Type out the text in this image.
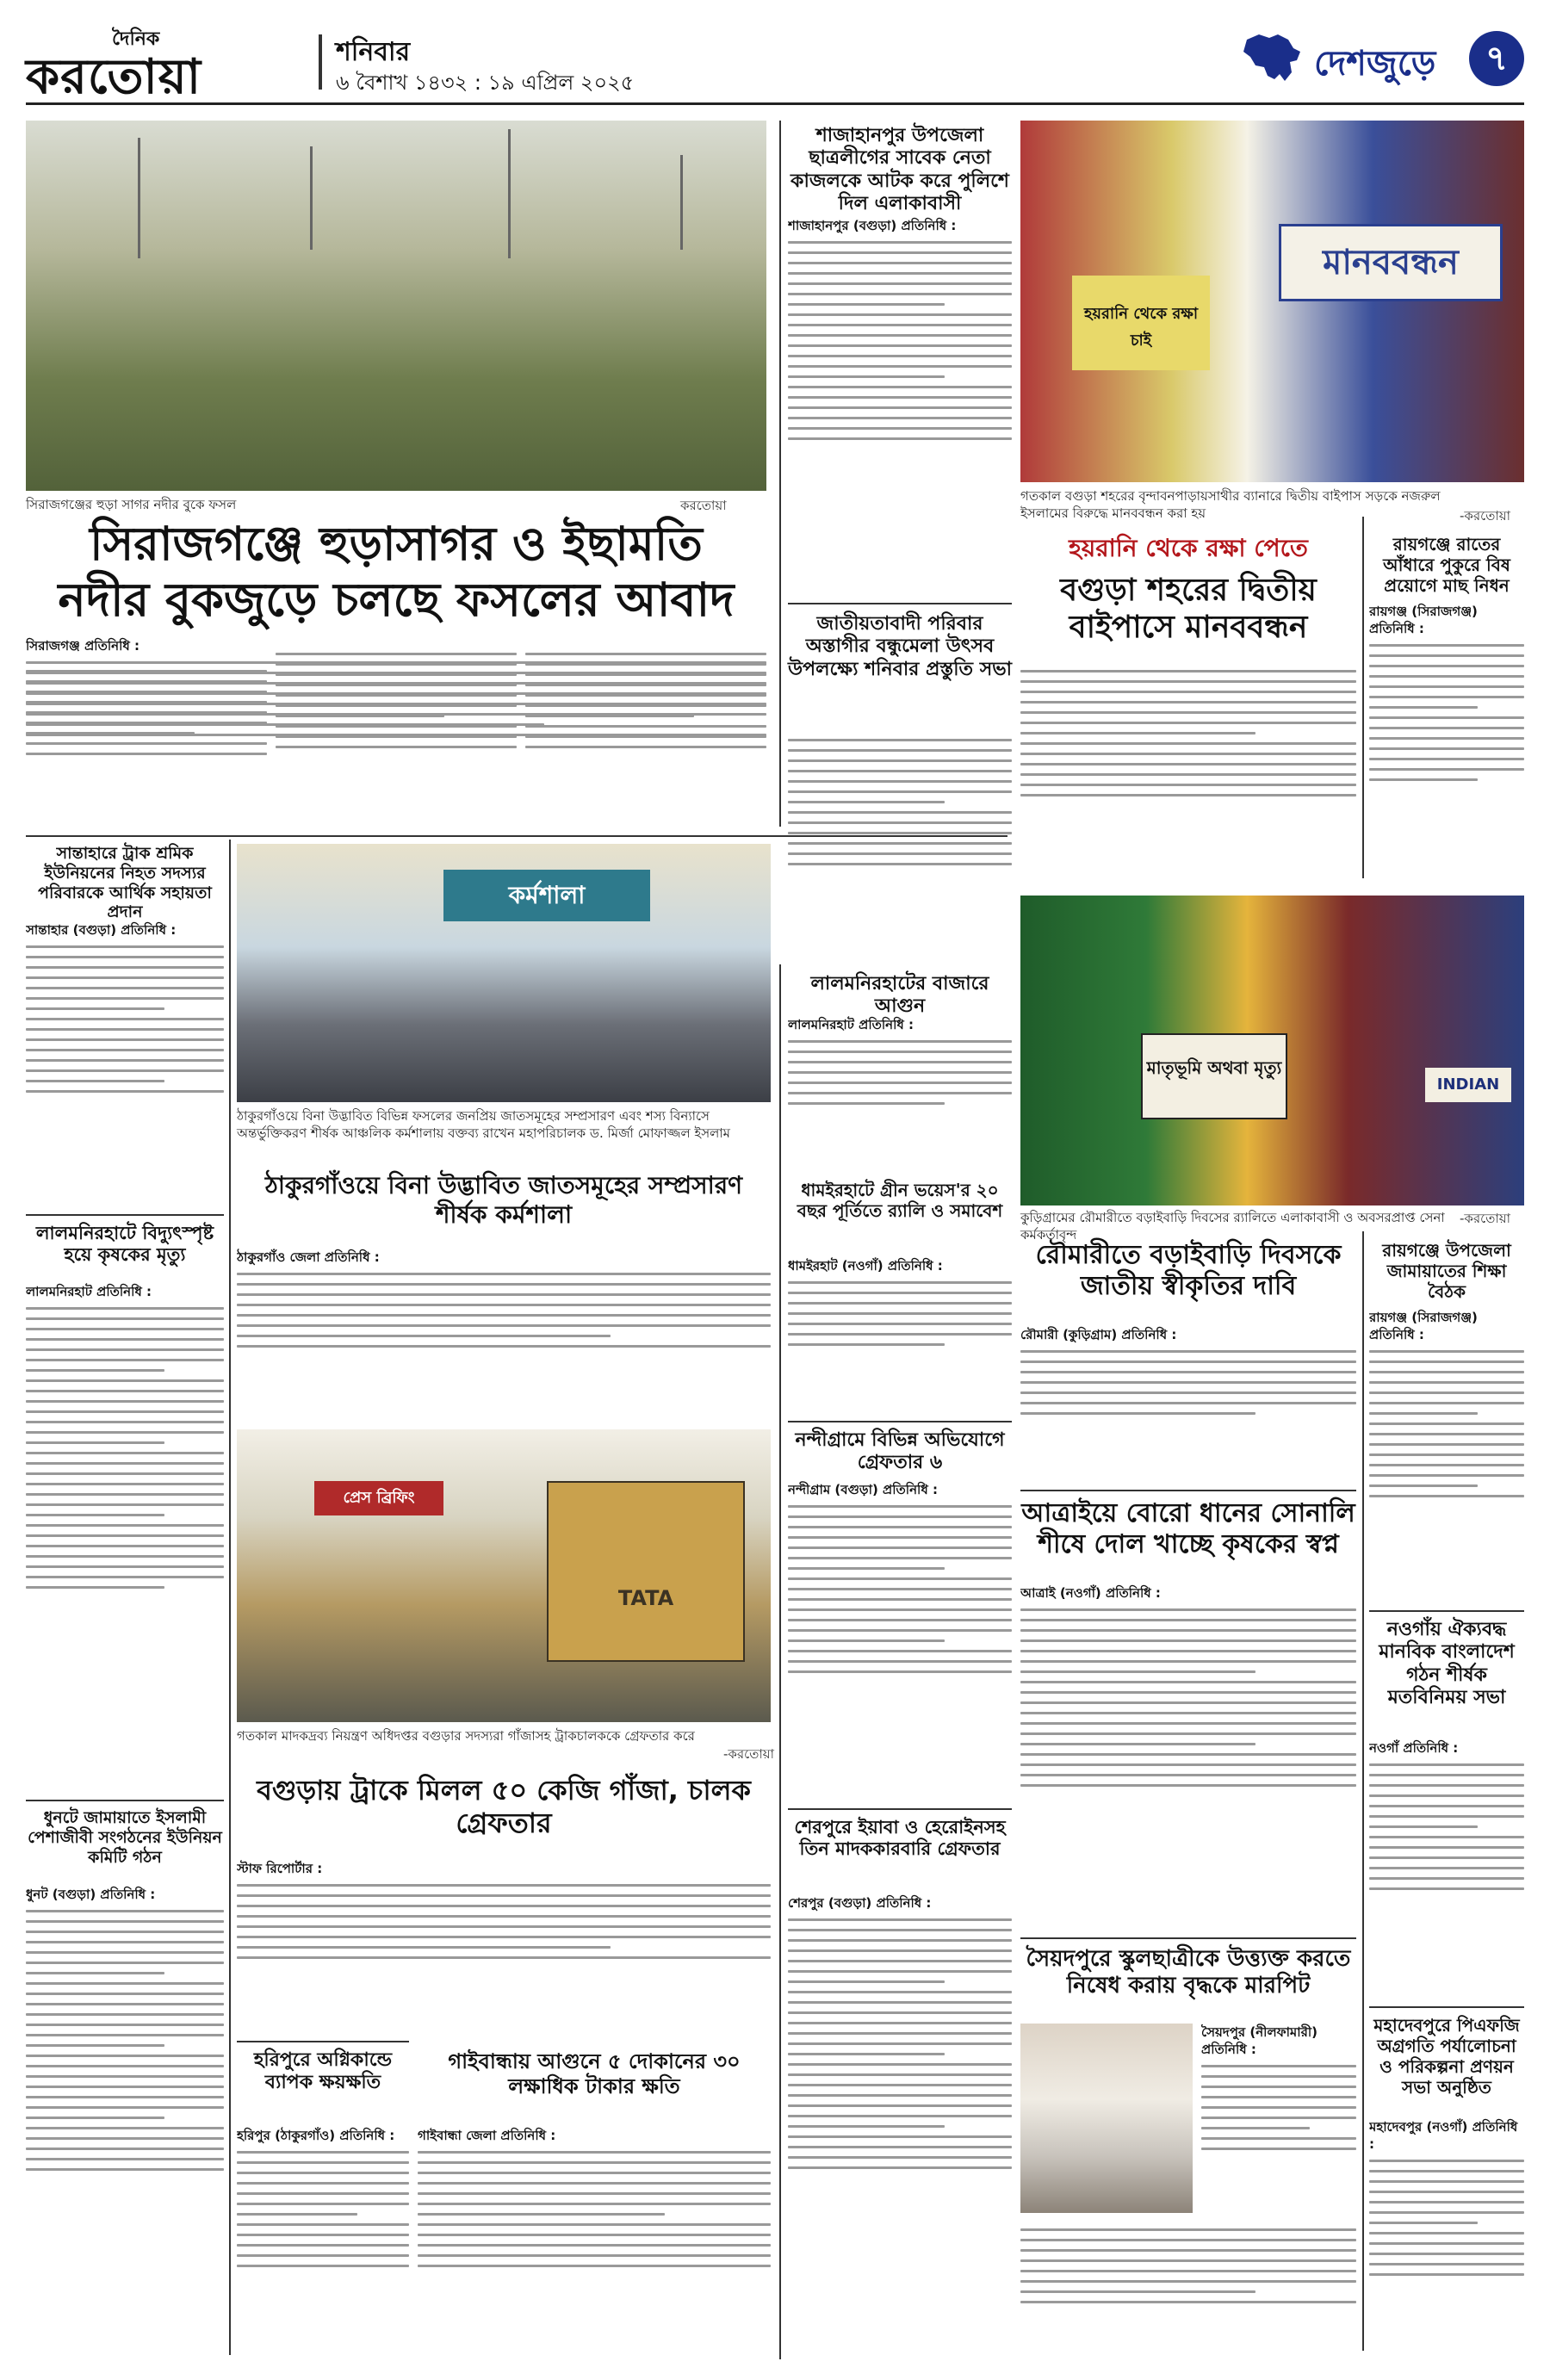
দৈনিক
করতোয়া	শনিবার
৬ বৈশাখ ১৪৩২ : ১৯ এপ্রিল ২০২৫	দেশজুড়ে	৭
সিরাজগঞ্জের হুড়া সাগর নদীর বুকে ফসল	করতোয়া
সিরাজগঞ্জে হুড়াসাগর ও ইছামতি নদীর বুকজুড়ে চলছে ফসলের আবাদ
সিরাজগঞ্জ প্রতিনিধি :
শাজাহানপুর উপজেলা ছাত্রলীগের সাবেক নেতা কাজলকে আটক করে পুলিশে দিল এলাকাবাসী
শাজাহানপুর (বগুড়া) প্রতিনিধি :
জাতীয়তাবাদী পরিবার অস্তাগীর বন্ধুমেলা উৎসব উপলক্ষ্যে শনিবার প্রস্তুতি সভা
মানববন্ধন
হয়রানি থেকে রক্ষা চাই
গতকাল বগুড়া শহরের বৃন্দাবনপাড়ায়সাথীর ব্যানারে দ্বিতীয় বাইপাস সড়কে নজরুল ইসলামের বিরুদ্ধে মানববন্ধন করা হয়	-করতোয়া
হয়রানি থেকে রক্ষা পেতে
বগুড়া শহরের দ্বিতীয় বাইপাসে মানববন্ধন
রায়গঞ্জে রাতের আঁধারে পুকুরে বিষ প্রয়োগে মাছ নিধন
রায়গঞ্জ (সিরাজগঞ্জ) প্রতিনিধি :
মাতৃভূমি অথবা মৃত্যু
INDIAN
কুড়িগ্রামের রৌমারীতে বড়াইবাড়ি দিবসের র‌্যালিতে এলাকাবাসী ও অবসরপ্রাপ্ত সেনা কর্মকর্তাবৃন্দ
-করতোয়া
রৌমারীতে বড়াইবাড়ি দিবসকে জাতীয় স্বীকৃতির দাবি
রৌমারী (কুড়িগ্রাম) প্রতিনিধি :
রায়গঞ্জে উপজেলা জামায়াতের শিক্ষা বৈঠক
রায়গঞ্জ (সিরাজগঞ্জ) প্রতিনিধি :
আত্রাইয়ে বোরো ধানের সোনালি শীষে দোল খাচ্ছে কৃষকের স্বপ্ন
আত্রাই (নওগাঁ) প্রতিনিধি :
নওগাঁয় ঐক্যবদ্ধ মানবিক বাংলাদেশ গঠন শীর্ষক মতবিনিময় সভা
নওগাঁ প্রতিনিধি :
মহাদেবপুরে পিএফজি অগ্রগতি পর্যালোচনা ও পরিকল্পনা প্রণয়ন সভা অনুষ্ঠিত
মহাদেবপুর (নওগাঁ) প্রতিনিধি :
সৈয়দপুরে স্কুলছাত্রীকে উত্ত্যক্ত করতে নিষেধ করায় বৃদ্ধকে মারপিট
সৈয়দপুর (নীলফামারী) প্রতিনিধি :
সান্তাহারে ট্রাক শ্রমিক ইউনিয়নের নিহত সদস্যর পরিবারকে আর্থিক সহায়তা প্রদান
সান্তাহার (বগুড়া) প্রতিনিধি :
লালমনিরহাটে বিদ্যুৎস্পৃষ্ট হয়ে কৃষকের মৃত্যু
লালমনিরহাট প্রতিনিধি :
ধুনটে জামায়াতে ইসলামী পেশাজীবী সংগঠনের ইউনিয়ন কমিটি গঠন
ধুনট (বগুড়া) প্রতিনিধি :
কর্মশালা
ঠাকুরগাঁওয়ে বিনা উদ্ভাবিত বিভিন্ন ফসলের জনপ্রিয় জাতসমূহের সম্প্রসারণ এবং শস্য বিন্যাসে অন্তর্ভুক্তিকরণ শীর্ষক আঞ্চলিক কর্মশালায় বক্তব্য রাখেন মহাপরিচালক ড. মির্জা মোফাজ্জল ইসলাম
ঠাকুরগাঁওয়ে বিনা উদ্ভাবিত জাতসমূহের সম্প্রসারণ শীর্ষক কর্মশালা
ঠাকুরগাঁও জেলা প্রতিনিধি :
ধামইরহাটে গ্রীন ভয়েস'র ২০ বছর পূর্তিতে র‌্যালি ও সমাবেশ
ধামইরহাট (নওগাঁ) প্রতিনিধি :
লালমনিরহাটের বাজারে আগুন
লালমনিরহাট প্রতিনিধি :
প্রেস ব্রিফিং
TATA
গতকাল মাদকদ্রব্য নিয়ন্ত্রণ অধিদপ্তর বগুড়ার সদস্যরা গাঁজাসহ ট্রাকচালককে গ্রেফতার করে
-করতোয়া
বগুড়ায় ট্রাকে মিলল ৫০ কেজি গাঁজা, চালক গ্রেফতার
স্টাফ রিপোর্টার :
হরিপুরে অগ্নিকান্ডে ব্যাপক ক্ষয়ক্ষতি
হরিপুর (ঠাকুরগাঁও) প্রতিনিধি :
গাইবান্ধায় আগুনে ৫ দোকানের ৩০ লক্ষাধিক টাকার ক্ষতি
গাইবান্ধা জেলা প্রতিনিধি :
নন্দীগ্রামে বিভিন্ন অভিযোগে গ্রেফতার ৬
নন্দীগ্রাম (বগুড়া) প্রতিনিধি :
শেরপুরে ইয়াবা ও হেরোইনসহ তিন মাদককারবারি গ্রেফতার
শেরপুর (বগুড়া) প্রতিনিধি :
